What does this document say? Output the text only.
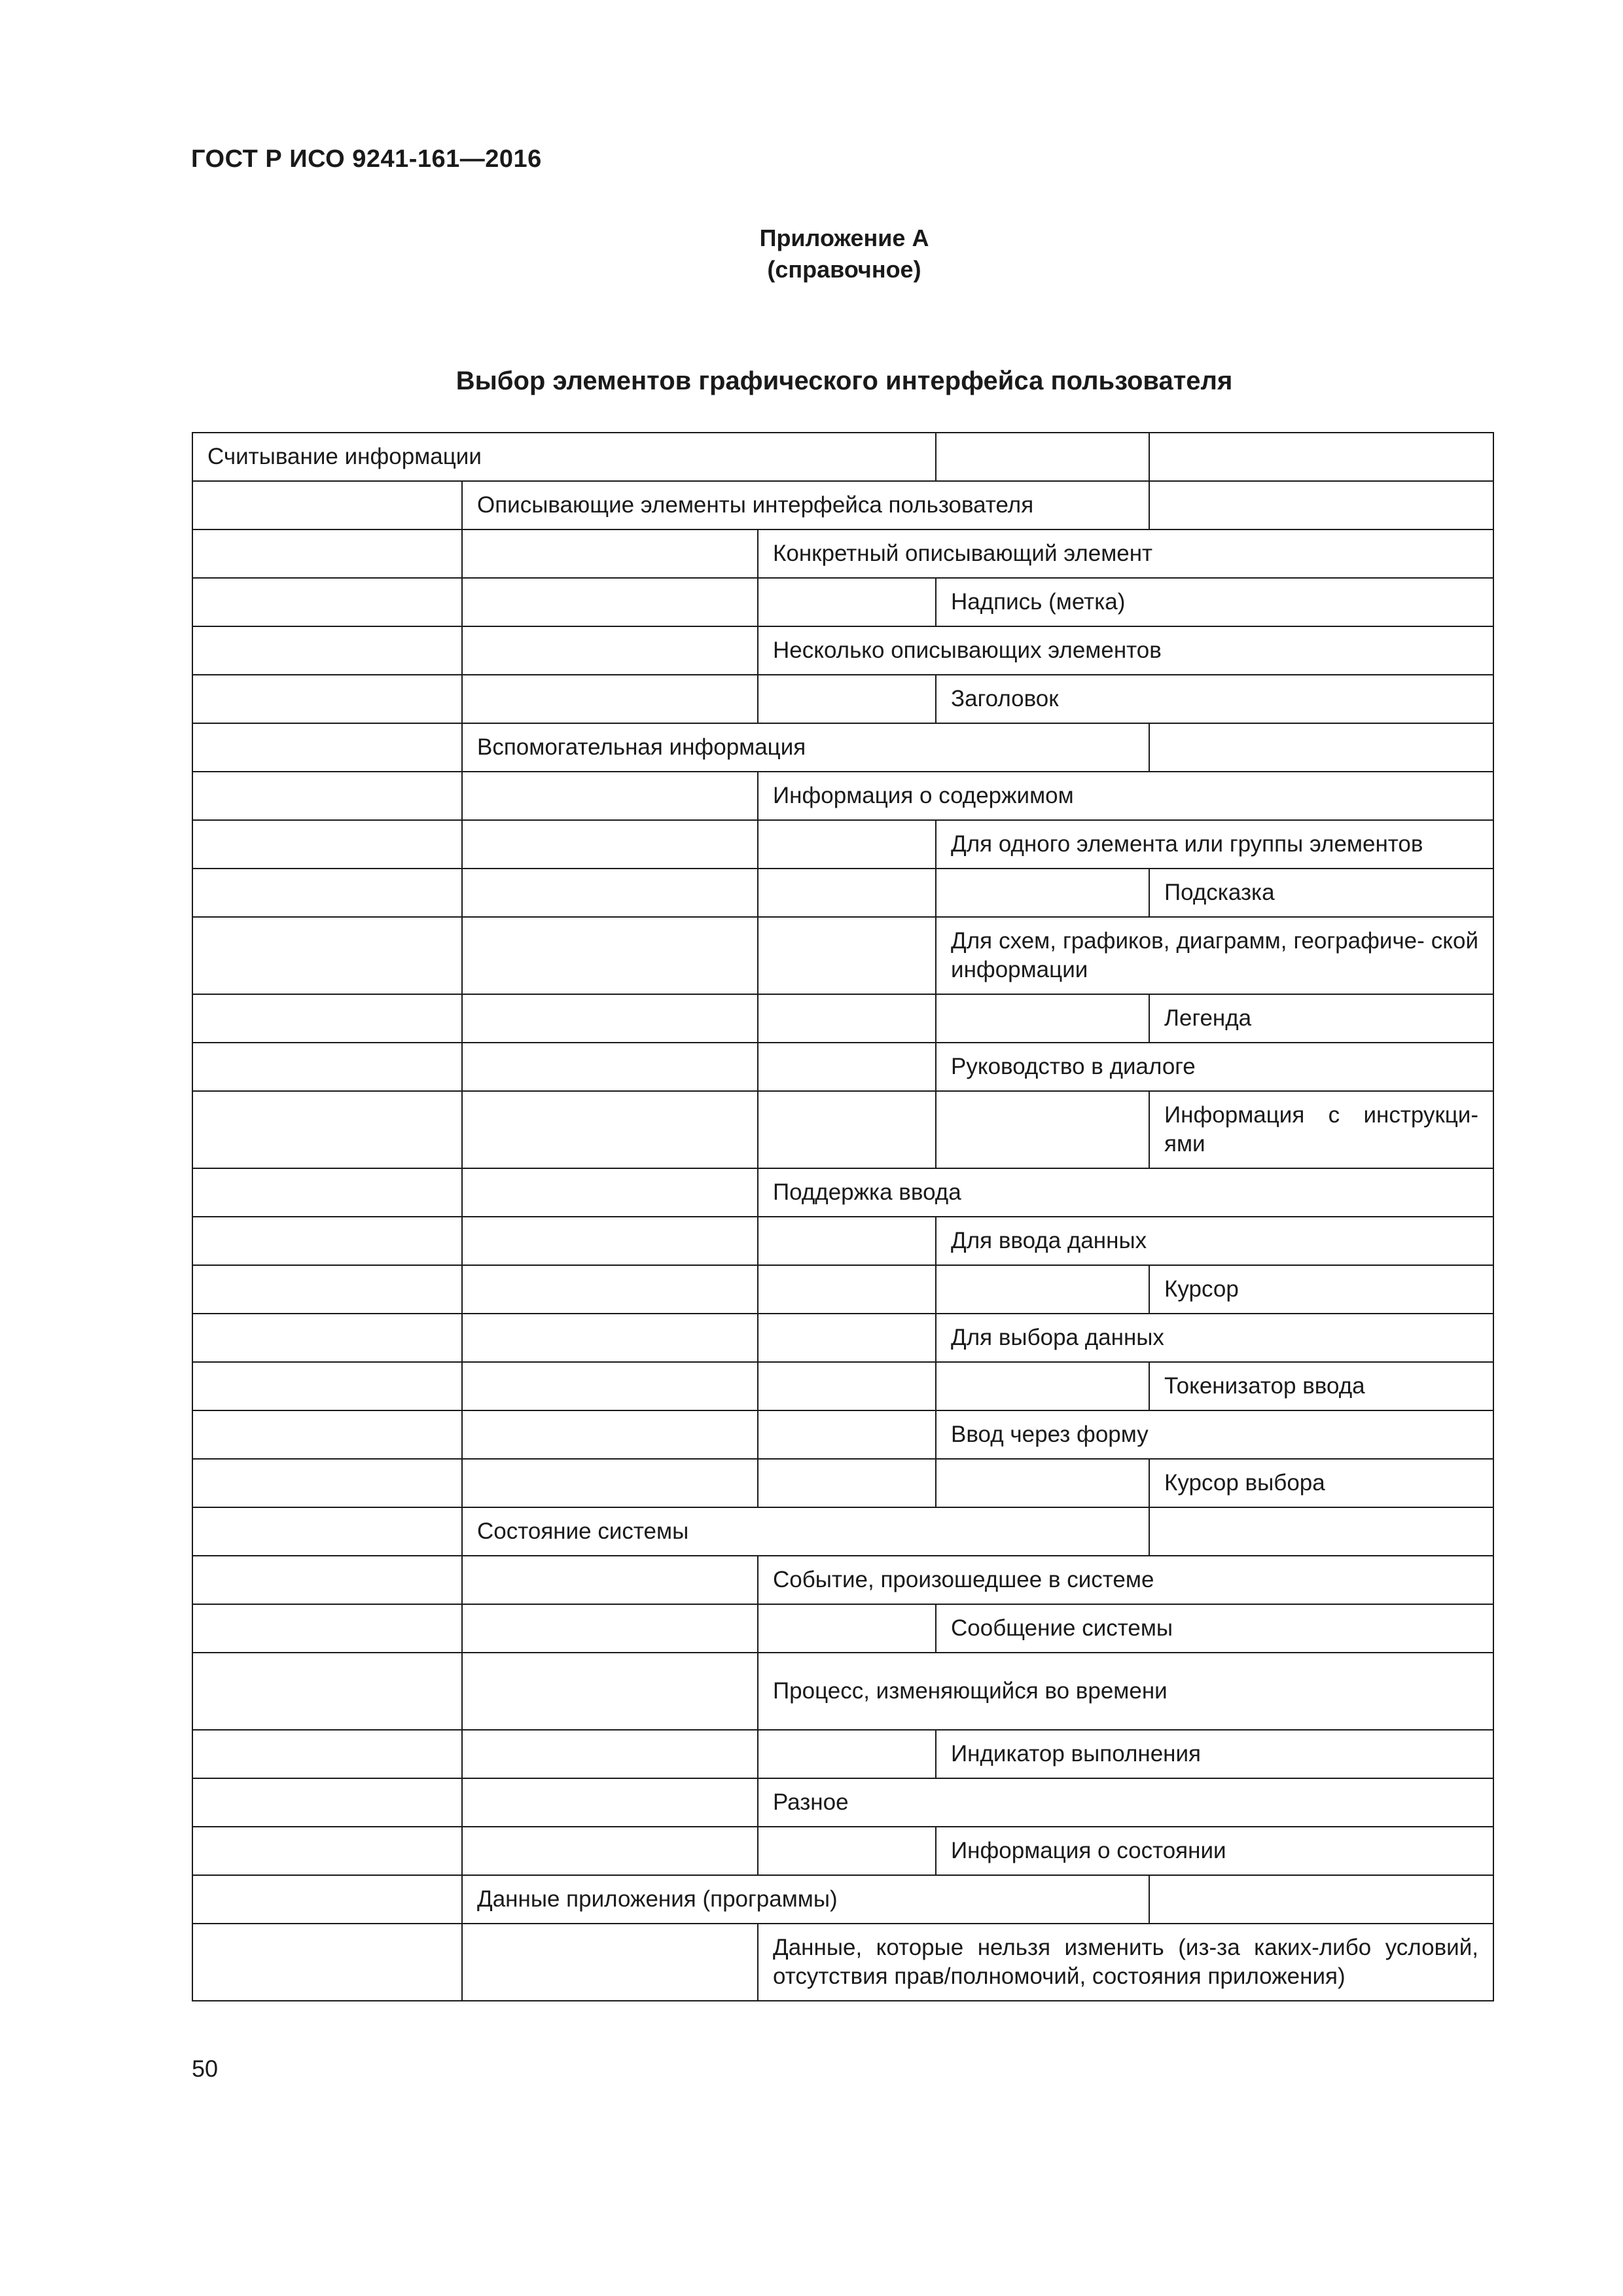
ГОСТ Р ИСО 9241-161—2016
Приложение А
(справочное)
Выбор элементов графического интерфейса пользователя
Считывание информации				
	Описывающие элементы интерфейса пользователя			
		Конкретный описывающий элемент		
			Надпись (метка)	
		Несколько описывающих элементов		
			Заголовок	
	Вспомогательная информация			
		Информация о содержимом		
			Для одного элемента или группы элементов	
				Подсказка
			Для схем, графиков, диаграмм, географиче- ской информации	
				Легенда
			Руководство в диалоге	
				Информация с инструкци- ями
		Поддержка ввода		
			Для ввода данных	
				Курсор
			Для выбора данных	
				Токенизатор ввода
			Ввод через форму	
				Курсор выбора
	Состояние системы			
		Событие, произошедшее в системе		
			Сообщение системы	
		Процесс, изменяющийся во времени		
			Индикатор выполнения	
		Разное		
			Информация о состоянии	
	Данные приложения (программы)			
		Данные, которые нельзя изменить (из-за каких-либо условий, отсутствия прав/полномочий, состояния приложения)		
50
